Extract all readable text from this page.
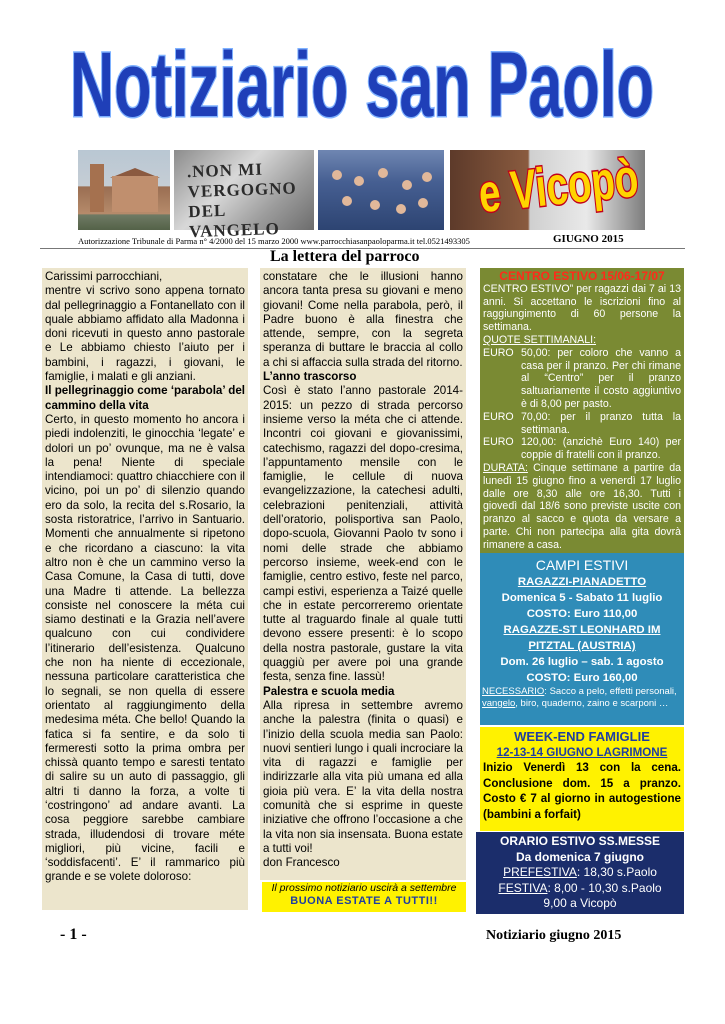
Notiziario san Paolo
.NON MI VERGOGNO DEL VANGELO
e Vicopò
Autorizzazione Tribunale di Parma n° 4/2000 del 15 marzo 2000 www.parrocchiasanpaoloparma.it tel.0521493305	GIUGNO 2015
La lettera del parroco

Carissimi parrocchiani,

mentre vi scrivo sono appena tornato dal pellegrinaggio a Fontanellato con il quale abbiamo affidato alla Madonna i doni ricevuti in questo anno pastorale e Le abbiamo chiesto l’aiuto per i bambini, i ragazzi, i giovani, le famiglie, i malati e gli anziani.

Il pellegrinaggio come ‘parabola’ del cammino della vita

Certo, in questo momento ho ancora i piedi indolenziti, le ginocchia ‘legate’ e dolori un po’ ovunque, ma ne è valsa la pena! Niente di speciale intendiamoci: quattro chiacchiere con il vicino, poi un po’ di silenzio quando ero da solo, la recita del s.Rosario, la sosta ristoratrice, l’arrivo in Santuario. Momenti che annualmente si ripetono e che ricordano a ciascuno: la vita altro non è che un cammino verso la Casa Comune, la Casa di tutti, dove una Madre ti attende. La bellezza consiste nel conoscere la méta cui siamo destinati e la Grazia nell’avere qualcuno con cui condividere l’itinerario dell’esistenza. Qualcuno che non ha niente di eccezionale, nessuna particolare caratteristica che lo segnali, se non quella di essere orientato al raggiungimento della medesima méta. Che bello! Quando la fatica si fa sentire, e da solo ti fermeresti sotto la prima ombra per chissà quanto tempo e saresti tentato di salire su un auto di passaggio, gli altri ti danno la forza, a volte ti ‘costringono’ ad andare avanti. La cosa peggiore sarebbe cambiare strada, illudendosi di trovare méte migliori, più vicine, facili e ‘soddisfacenti’. E’ il rammarico più grande e se volete doloroso:

constatare che le illusioni hanno ancora tanta presa su giovani e meno giovani! Come nella parabola, però, il Padre buono è alla finestra che attende, sempre, con la segreta speranza di buttare le braccia al collo a chi si affaccia sulla strada del ritorno.

L’anno trascorso

Così è stato l’anno pastorale 2014-2015: un pezzo di strada percorso insieme verso la méta che ci attende. Incontri coi giovani e giovanissimi, catechismo, ragazzi del dopo-cresima, l’appuntamento mensile con le famiglie, le cellule di nuova evangelizzazione, la catechesi adulti, celebrazioni penitenziali, attività dell’oratorio, polisportiva san Paolo, dopo-scuola, Giovanni Paolo tv sono i nomi delle strade che abbiamo percorso insieme, week-end con le famiglie, centro estivo, feste nel parco, campi estivi, esperienza a Taizé quelle che in estate percorreremo orientate tutte al traguardo finale al quale tutti devono essere presenti: è lo scopo della nostra pastorale, gustare la vita quaggiù per avere poi una grande festa, senza fine. Iassù!

Palestra e scuola media

Alla ripresa in settembre avremo anche la palestra (finita o quasi) e l’inizio della scuola media san Paolo: nuovi sentieri lungo i quali incrociare la vita di ragazzi e famiglie per indirizzarle alla vita più umana ed alla gioia più vera. E’ la vita della nostra comunità che si esprime in queste iniziative che offrono l’occasione a che la vita non sia insensata. Buona estate a tutti voi!

don Francesco

Il prossimo notiziario uscirà a settembre
BUONA ESTATE A TUTTI!!
CENTRO ESTIVO 15/06-17/07
CENTRO ESTIVO” per ragazzi dai 7 ai 13 anni. Si accettano le iscrizioni fino al raggiungimento di 60 persone la settimana.
QUOTE SETTIMANALI:
EURO 50,00: per coloro che vanno a casa per il pranzo. Per chi rimane al “Centro” per il pranzo saltuariamente il costo aggiuntivo è di 8,00 per pasto.
EURO 70,00: per il pranzo tutta la settimana.
EURO 120,00: (anzichè Euro 140) per coppie di fratelli con il pranzo.
DURATA: Cinque settimane a partire da lunedì 15 giugno fino a venerdì 17 luglio dalle ore 8,30 alle ore 16,30. Tutti i giovedì dal 18/6 sono previste uscite con pranzo al sacco e quota da versare a parte. Chi non partecipa alla gita dovrà rimanere a casa.
CAMPI ESTIVI
RAGAZZI-PIANADETTO
Domenica 5 - Sabato 11 luglio
COSTO: Euro 110,00
RAGAZZE-ST LEONHARD IM PITZTAL (AUSTRIA)
Dom. 26 luglio – sab. 1 agosto
COSTO: Euro 160,00
NECESSARIO: Sacco a pelo, effetti personali,
vangelo, biro, quaderno, zaino e scarponi …
WEEK-END FAMIGLIE
12-13-14 GIUGNO LAGRIMONE
Inizio Venerdì 13 con la cena. Conclusione dom. 15 a pranzo. Costo € 7 al giorno in autogestione (bambini a forfait)
ORARIO ESTIVO SS.MESSE
Da domenica 7 giugno
PREFESTIVA: 18,30 s.Paolo
FESTIVA: 8,00 - 10,30 s.Paolo
9,00 a Vicopò
- 1 -	Notiziario giugno 2015
